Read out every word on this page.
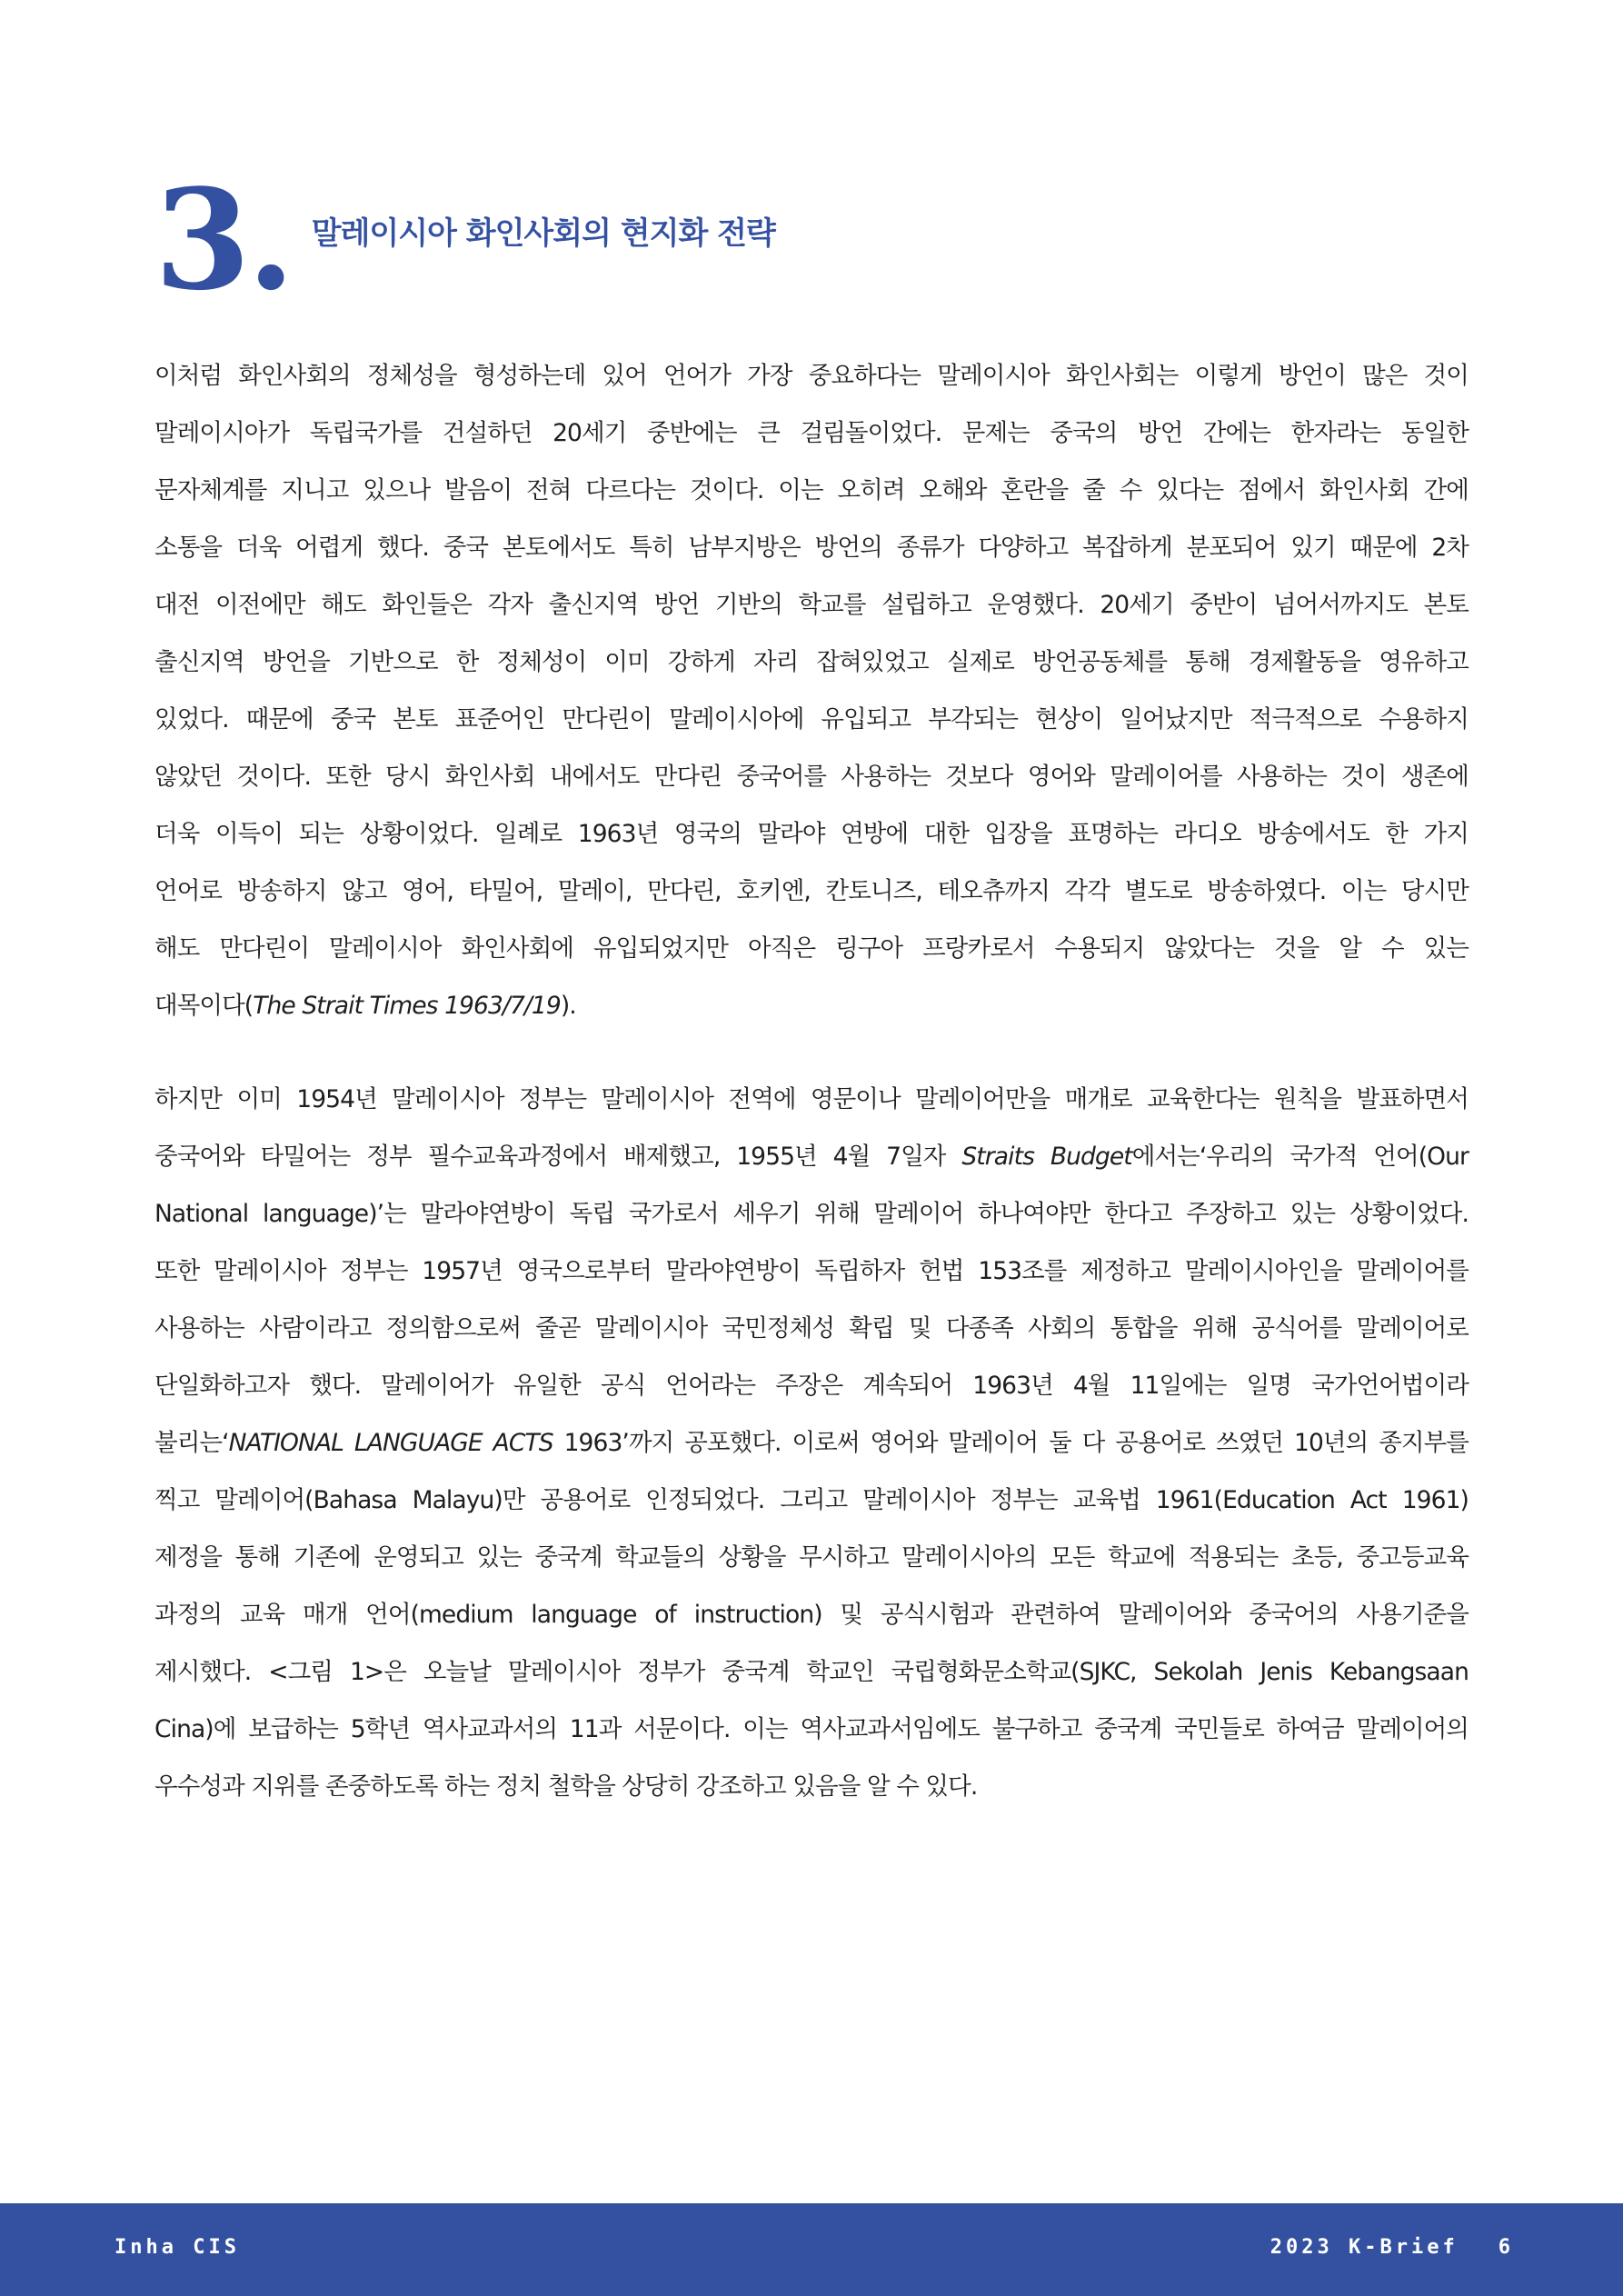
3. 말레이시아 화인사회의 현지화 전략
이처럼 화인사회의 정체성을 형성하는데 있어 언어가 가장 중요하다는 말레이시아 화인사회는 이렇게 방언이 많은 것이
말레이시아가 독립국가를 건설하던 20세기 중반에는 큰 걸림돌이었다. 문제는 중국의 방언 간에는 한자라는 동일한
문자체계를 지니고 있으나 발음이 전혀 다르다는 것이다. 이는 오히려 오해와 혼란을 줄 수 있다는 점에서 화인사회 간에
소통을 더욱 어렵게 했다. 중국 본토에서도 특히 남부지방은 방언의 종류가 다양하고 복잡하게 분포되어 있기 때문에 2차
대전 이전에만 해도 화인들은 각자 출신지역 방언 기반의 학교를 설립하고 운영했다. 20세기 중반이 넘어서까지도 본토
출신지역 방언을 기반으로 한 정체성이 이미 강하게 자리 잡혀있었고 실제로 방언공동체를 통해 경제활동을 영유하고
있었다. 때문에 중국 본토 표준어인 만다린이 말레이시아에 유입되고 부각되는 현상이 일어났지만 적극적으로 수용하지
않았던 것이다. 또한 당시 화인사회 내에서도 만다린 중국어를 사용하는 것보다 영어와 말레이어를 사용하는 것이 생존에
더욱 이득이 되는 상황이었다. 일례로 1963년 영국의 말라야 연방에 대한 입장을 표명하는 라디오 방송에서도 한 가지
언어로 방송하지 않고 영어, 타밀어, 말레이, 만다린, 호키엔, 칸토니즈, 테오츄까지 각각 별도로 방송하였다. 이는 당시만
해도 만다린이 말레이시아 화인사회에 유입되었지만 아직은 링구아 프랑카로서 수용되지 않았다는 것을 알 수 있는
대목이다(The Strait Times 1963/7/19).
하지만 이미 1954년 말레이시아 정부는 말레이시아 전역에 영문이나 말레이어만을 매개로 교육한다는 원칙을 발표하면서
중국어와 타밀어는 정부 필수교육과정에서 배제했고, 1955년 4월 7일자 Straits Budget에서는‘우리의 국가적 언어(Our
National language)’는 말라야연방이 독립 국가로서 세우기 위해 말레이어 하나여야만 한다고 주장하고 있는 상황이었다.
또한 말레이시아 정부는 1957년 영국으로부터 말라야연방이 독립하자 헌법 153조를 제정하고 말레이시아인을 말레이어를
사용하는 사람이라고 정의함으로써 줄곧 말레이시아 국민정체성 확립 및 다종족 사회의 통합을 위해 공식어를 말레이어로
단일화하고자 했다. 말레이어가 유일한 공식 언어라는 주장은 계속되어 1963년 4월 11일에는 일명 국가언어법이라
불리는‘NATIONAL LANGUAGE ACTS 1963’까지 공포했다. 이로써 영어와 말레이어 둘 다 공용어로 쓰였던 10년의 종지부를
찍고 말레이어(Bahasa Malayu)만 공용어로 인정되었다. 그리고 말레이시아 정부는 교육법 1961(Education Act 1961)
제정을 통해 기존에 운영되고 있는 중국계 학교들의 상황을 무시하고 말레이시아의 모든 학교에 적용되는 초등, 중고등교육
과정의 교육 매개 언어(medium language of instruction) 및 공식시험과 관련하여 말레이어와 중국어의 사용기준을
제시했다. <그림 1>은 오늘날 말레이시아 정부가 중국계 학교인 국립형화문소학교(SJKC, Sekolah Jenis Kebangsaan
Cina)에 보급하는 5학년 역사교과서의 11과 서문이다. 이는 역사교과서임에도 불구하고 중국계 국민들로 하여금 말레이어의
우수성과 지위를 존중하도록 하는 정치 철학을 상당히 강조하고 있음을 알 수 있다.
Inha CIS	2023 K-Brief 6
